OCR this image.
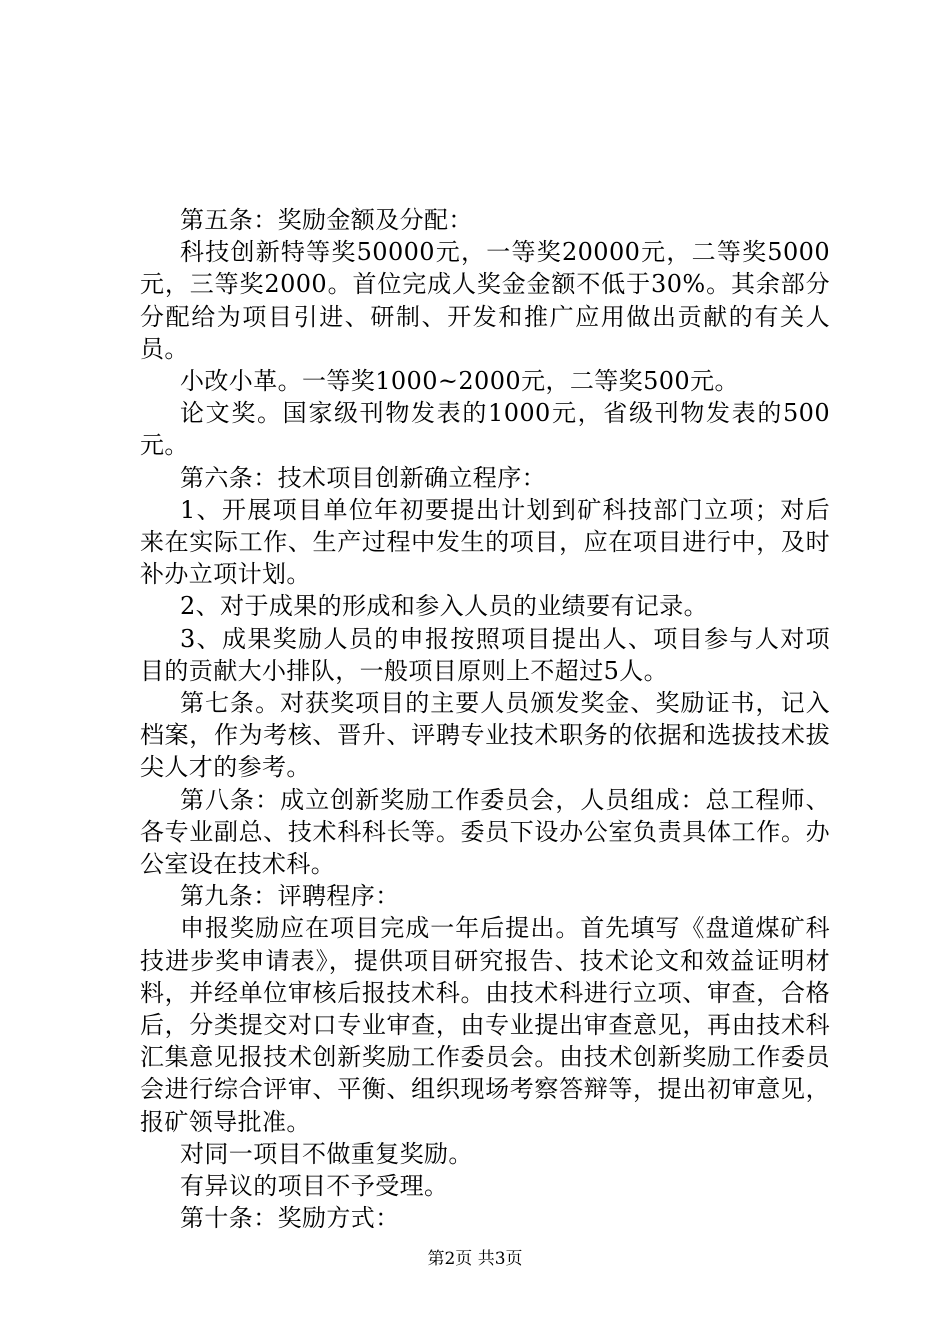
第五条：奖励金额及分配：

科技创新特等奖50000元，一等奖20000元，二等奖5000元，三等奖2000。首位完成人奖金金额不低于30%。其余部分分配给为项目引进、研制、开发和推广应用做出贡献的有关人员。

小改小革。一等奖1000~2000元，二等奖500元。

论文奖。国家级刊物发表的1000元，省级刊物发表的500元。

第六条：技术项目创新确立程序：

1、开展项目单位年初要提出计划到矿科技部门立项；对后来在实际工作、生产过程中发生的项目，应在项目进行中，及时补办立项计划。

2、对于成果的形成和参入人员的业绩要有记录。

3、成果奖励人员的申报按照项目提出人、项目参与人对项目的贡献大小排队，一般项目原则上不超过5人。

第七条。对获奖项目的主要人员颁发奖金、奖励证书，记入档案，作为考核、晋升、评聘专业技术职务的依据和选拔技术拔尖人才的参考。

第八条：成立创新奖励工作委员会，人员组成：总工程师、各专业副总、技术科科长等。委员下设办公室负责具体工作。办公室设在技术科。

第九条：评聘程序：

申报奖励应在项目完成一年后提出。首先填写《盘道煤矿科技进步奖申请表》，提供项目研究报告、技术论文和效益证明材料，并经单位审核后报技术科。由技术科进行立项、审查，合格后，分类提交对口专业审查，由专业提出审查意见，再由技术科汇集意见报技术创新奖励工作委员会。由技术创新奖励工作委员会进行综合评审、平衡、组织现场考察答辩等，提出初审意见，报矿领导批准。

对同一项目不做重复奖励。

有异议的项目不予受理。

第十条：奖励方式：

第2页 共3页
